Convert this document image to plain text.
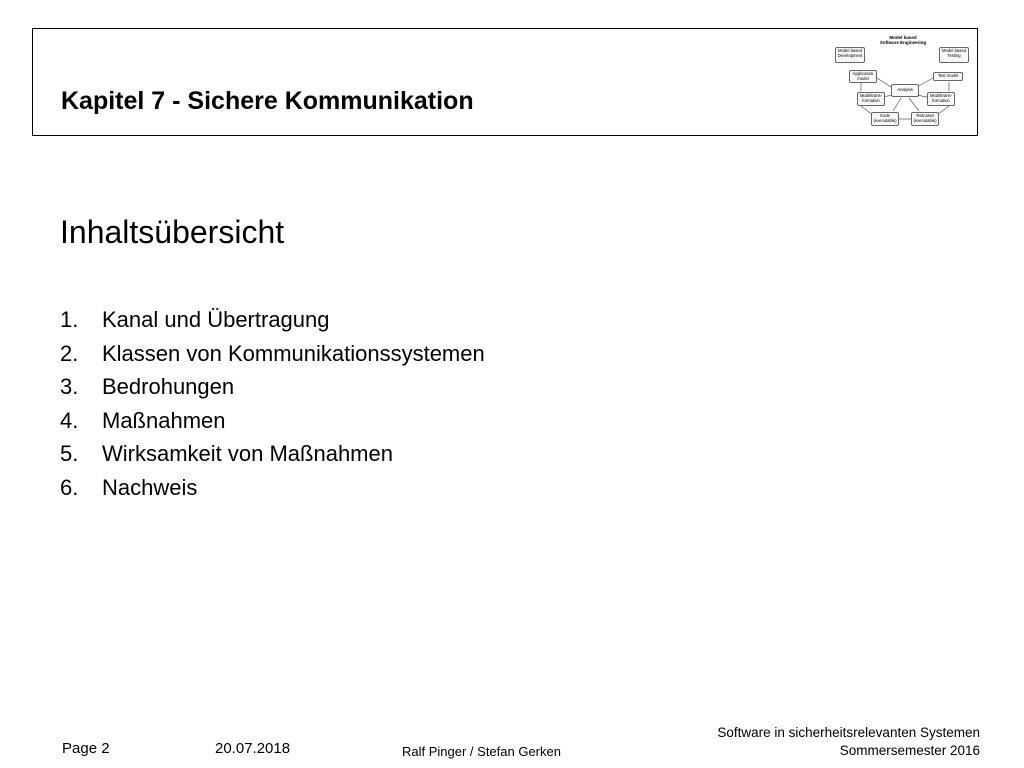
Kapitel 7 - Sichere Kommunikation
Model based
Software Engineering
Model based
Development
Model based
Testing
Application
model
Test model
Analysis
Modeltrans-
formation
Modeltrans-
formation
Code
(executable)
Testcases
(executable)
Inhaltsübersicht
1. Kanal und Übertragung
2. Klassen von Kommunikationssystemen
3. Bedrohungen
4. Maßnahmen
5. Wirksamkeit von Maßnahmen
6. Nachweis
Page 2	20.07.2018	Ralf Pinger / Stefan Gerken
Software in sicherheitsrelevanten Systemen
Sommersemester 2016
